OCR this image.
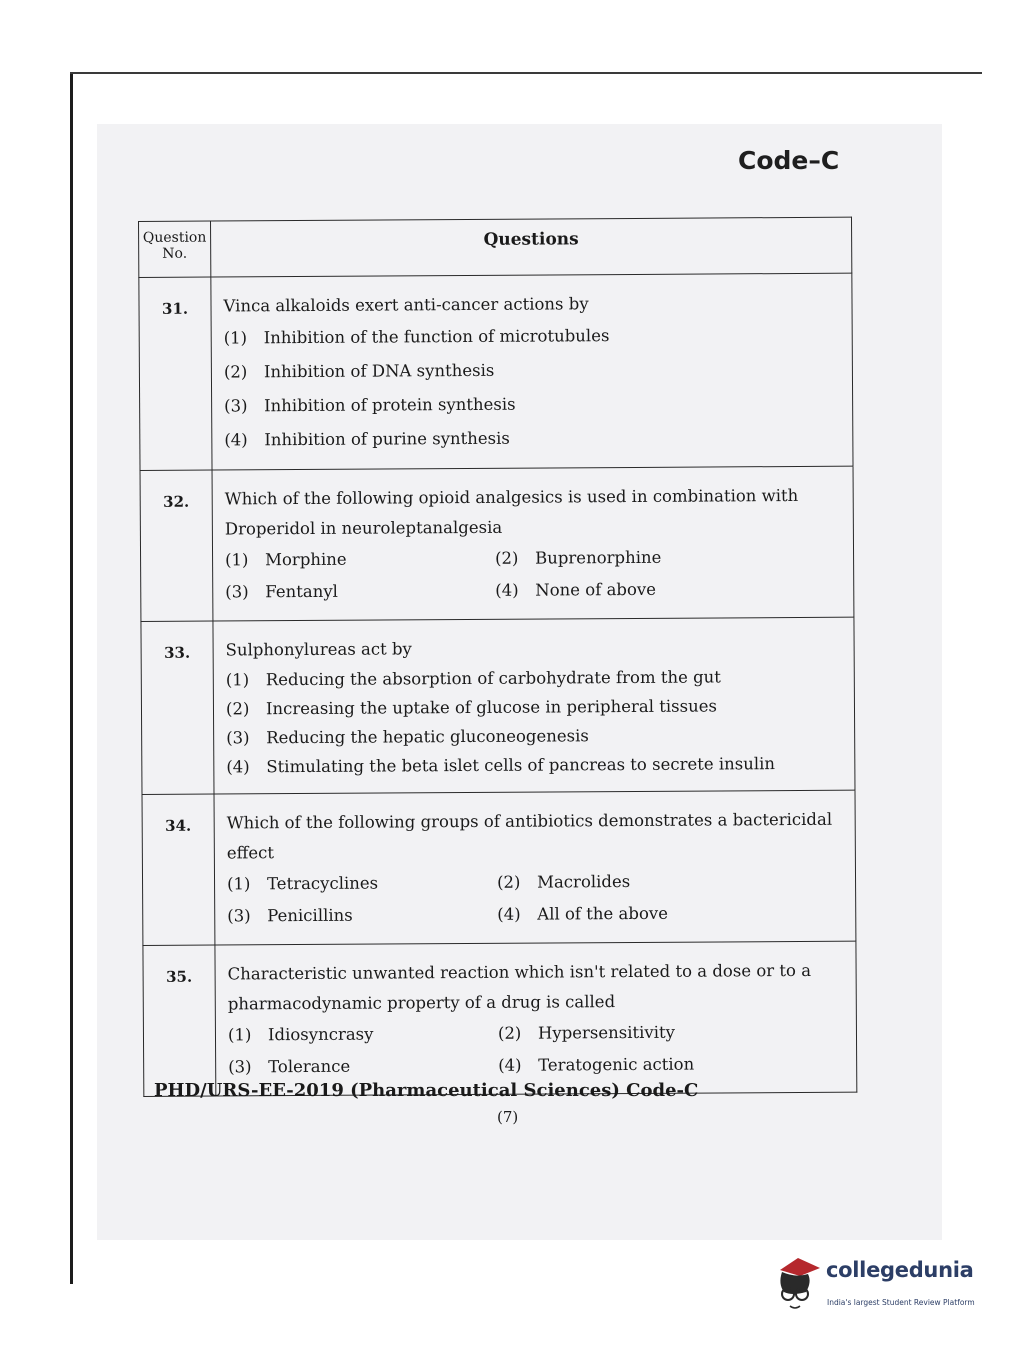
Code–C
Question No.	Questions
31.	Vinca alkaloids exert anti-cancer actions by
(1) Inhibition of the function of microtubules
(2) Inhibition of DNA synthesis
(3) Inhibition of protein synthesis
(4) Inhibition of purine synthesis

32.	Which of the following opioid analgesics is used in combination with Droperidol in neuroleptanalgesia
(1) Morphine (2) Buprenorphine
(3) Fentanyl (4) None of above

33.	Sulphonylureas act by
(1) Reducing the absorption of carbohydrate from the gut
(2) Increasing the uptake of glucose in peripheral tissues
(3) Reducing the hepatic gluconeogenesis
(4) Stimulating the beta islet cells of pancreas to secrete insulin

34.	Which of the following groups of antibiotics demonstrates a bactericidal effect
(1) Tetracyclines (2) Macrolides
(3) Penicillins (4) All of the above

35.	Characteristic unwanted reaction which isn't related to a dose or to a pharmacodynamic property of a drug is called
(1) Idiosyncrasy (2) Hypersensitivity
(3) Tolerance (4) Teratogenic action
PHD/URS-EE-2019 (Pharmaceutical Sciences) Code-C
(7)
collegedunia
India's largest Student Review Platform
